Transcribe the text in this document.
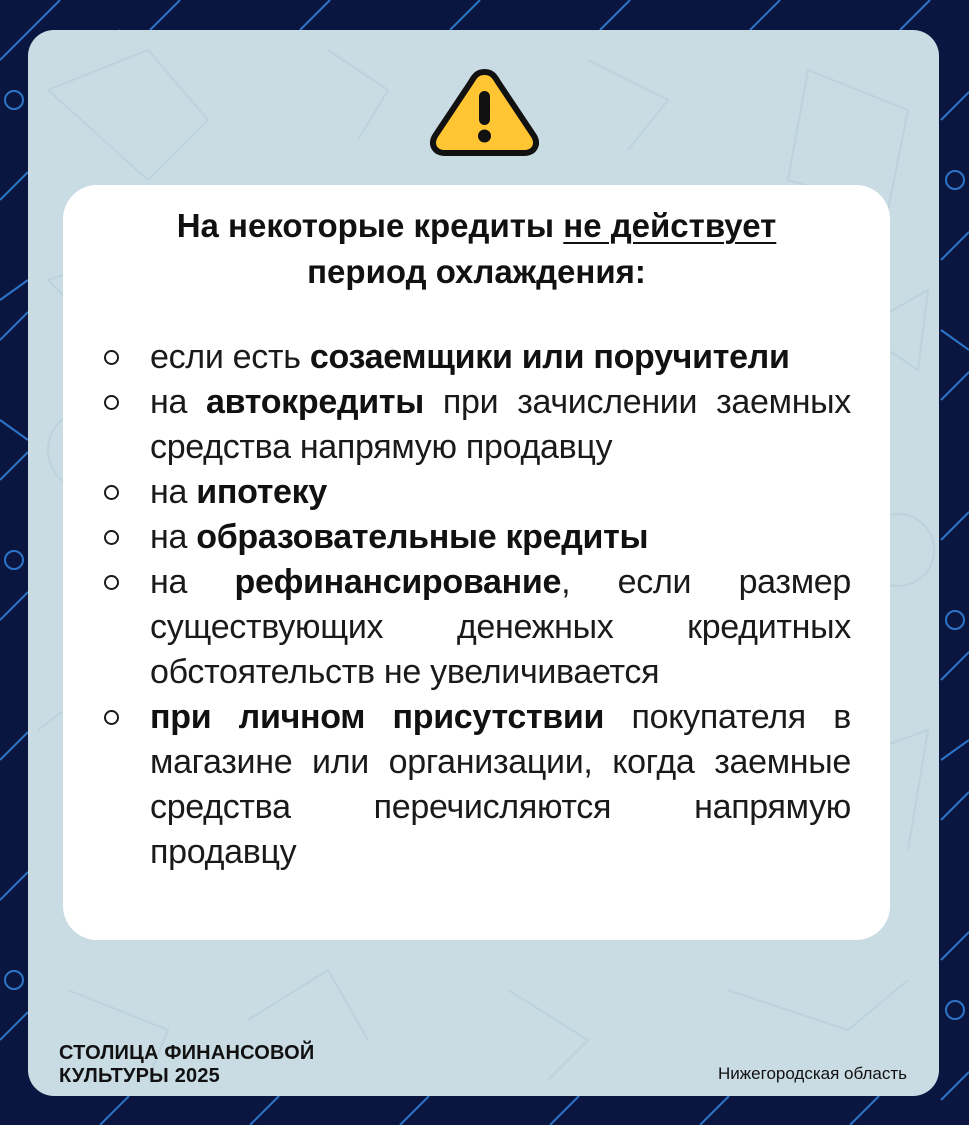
На некоторые кредиты не действует
период охлаждения:

если есть созаемщики или поручители
на автокредиты при зачислении заемных средства напрямую продавцу
на ипотеку
на образовательные кредиты
на рефинансирование, если размер существующих денежных кредитных обстоятельств не увеличивается
при личном присутствии покупателя в магазине или организации, когда заемные средства перечисляются напрямую продавцу

СТОЛИЦА ФИНАНСОВОЙ
КУЛЬТУРЫ 2025	Нижегородская область
